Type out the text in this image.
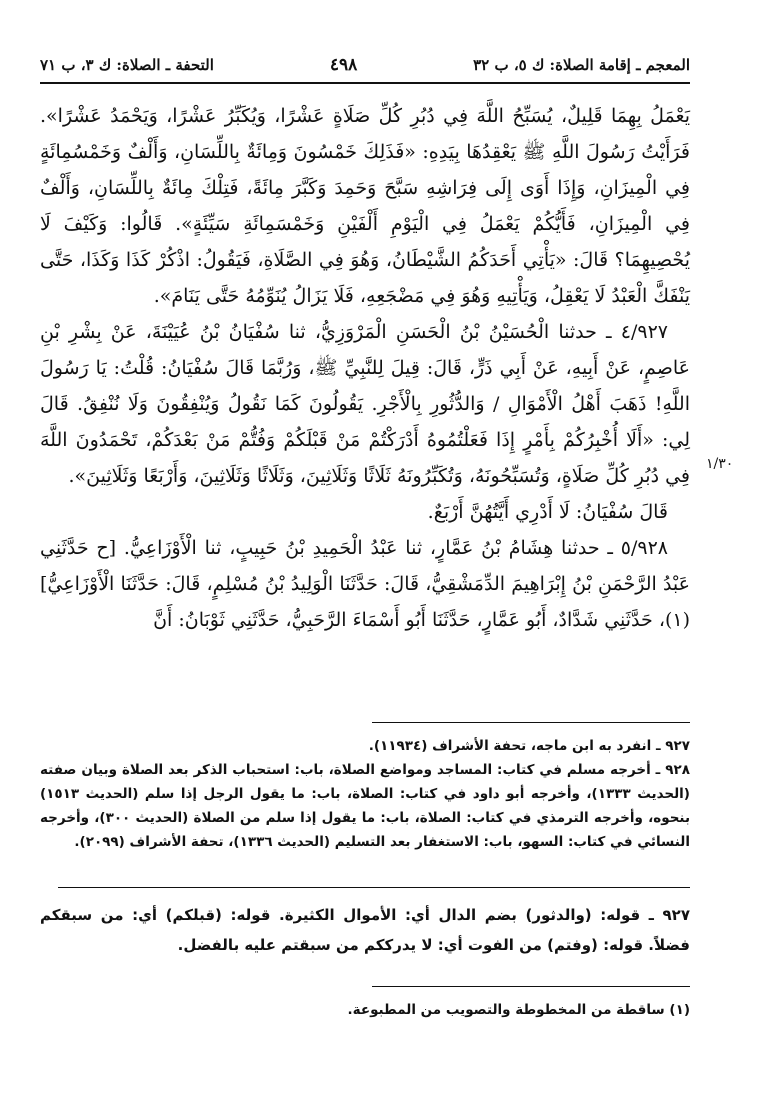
التحفة ـ الصلاة: ك ٣، ب ٧١	٤٩٨	المعجم ـ إقامة الصلاة: ك ٥، ب ٣٢

يَعْمَلُ بِهِمَا قَلِيلٌ، يُسَبِّحُ اللَّهَ فِي دُبُرِ كُلِّ صَلَاةٍ عَشْرًا، وَيُكَبِّرُ عَشْرًا، وَيَحْمَدُ عَشْرًا». فَرَأَيْتُ رَسُولَ اللَّهِ ﷺ يَعْقِدُهَا بِيَدِهِ: «فَذَلِكَ خَمْسُونَ وَمِائَةٌ بِاللِّسَانِ، وَأَلْفٌ وَخَمْسُمِائَةٍ فِي الْمِيزَانِ، وَإِذَا أَوَى إِلَى فِرَاشِهِ سَبَّحَ وَحَمِدَ وَكَبَّرَ مِائَةً، فَتِلْكَ مِائَةٌ بِاللِّسَانِ، وَأَلْفٌ فِي الْمِيزَانِ، فَأَيُّكُمْ يَعْمَلُ فِي الْيَوْمِ أَلْفَيْنِ وَخَمْسَمِائَةِ سَيِّئَةٍ». قَالُوا: وَكَيْفَ لَا يُحْصِيهِمَا؟ قَالَ: «يَأْتِي أَحَدَكُمُ الشَّيْطَانُ، وَهُوَ فِي الصَّلَاةِ، فَيَقُولُ: اذْكُرْ كَذَا وَكَذَا، حَتَّى يَنْفَكَّ الْعَبْدُ لَا يَعْقِلُ، وَيَأْتِيهِ وَهُوَ فِي مَضْجَعِهِ، فَلَا يَزَالُ يُنَوِّمُهُ حَتَّى يَنَامَ».

٤/٩٢٧ ـ حدثنا الْحُسَيْنُ بْنُ الْحَسَنِ الْمَرْوَزِيُّ، ثنا سُفْيَانُ بْنُ عُيَيْنَةَ، عَنْ بِشْرِ بْنِ عَاصِمٍ، عَنْ أَبِيهِ، عَنْ أَبِي ذَرٍّ، قَالَ: قِيلَ لِلنَّبِيِّ ﷺ، وَرُبَّمَا قَالَ سُفْيَانُ: قُلْتُ: يَا رَسُولَ اللَّهِ! ذَهَبَ أَهْلُ الْأَمْوَالِ / وَالدُّثُورِ بِالْأَجْرِ. يَقُولُونَ كَمَا نَقُولُ وَيُنْفِقُونَ وَلَا نُنْفِقُ. قَالَ لِي: «أَلَا أُخْبِرُكُمْ بِأَمْرٍ إِذَا فَعَلْتُمُوهُ أَدْرَكْتُمْ مَنْ قَبْلَكُمْ وَفُتُّمْ مَنْ بَعْدَكُمْ، تَحْمَدُونَ اللَّهَ فِي دُبُرِ كُلِّ صَلَاةٍ، وَتُسَبِّحُونَهُ، وَتُكَبِّرُونَهُ ثَلَاثًا وَثَلَاثِينَ، وَثَلَاثًا وَثَلَاثِينَ، وَأَرْبَعًا وَثَلَاثِينَ».

قَالَ سُفْيَانُ: لَا أَدْرِي أَيَّتُهُنَّ أَرْبَعٌ.

٥/٩٢٨ ـ حدثنا هِشَامُ بْنُ عَمَّارٍ، ثنا عَبْدُ الْحَمِيدِ بْنُ حَبِيبٍ، ثنا الْأَوْزَاعِيُّ. [ح حَدَّثَنِي عَبْدُ الرَّحْمَنِ بْنُ إِبْرَاهِيمَ الدِّمَشْقِيُّ، قَالَ: حَدَّثَنَا الْوَلِيدُ بْنُ مُسْلِمٍ، قَالَ: حَدَّثَنَا الْأَوْزَاعِيُّ](١)، حَدَّثَنِي شَدَّادٌ، أَبُو عَمَّارٍ، حَدَّثَنَا أَبُو أَسْمَاءَ الرَّحَبِيُّ، حَدَّثَنِي ثَوْبَانُ: أَنَّ

١/٣٠

٩٢٧ ـ انفرد به ابن ماجه، تحفة الأشراف (١١٩٣٤).

٩٢٨ ـ أخرجه مسلم في كتاب: المساجد ومواضع الصلاة، باب: استحباب الذكر بعد الصلاة وبيان صفته (الحديث ١٣٣٣)، وأخرجه أبو داود في كتاب: الصلاة، باب: ما يقول الرجل إذا سلم (الحديث ١٥١٣) بنحوه، وأخرجه الترمذي في كتاب: الصلاة، باب: ما يقول إذا سلم من الصلاة (الحديث ٣٠٠)، وأخرجه النسائي في كتاب: السهو، باب: الاستغفار بعد التسليم (الحديث ١٣٣٦)، تحفة الأشراف (٢٠٩٩).

٩٢٧ ـ قوله: (والدثور) بضم الدال أي: الأموال الكثيرة. قوله: (قبلكم) أي: من سبقكم فضلاً. قوله: (وفتم) من الفوت أي: لا يدرككم من سبقتم عليه بالفضل.

(١) ساقطة من المخطوطة والتصويب من المطبوعة.
